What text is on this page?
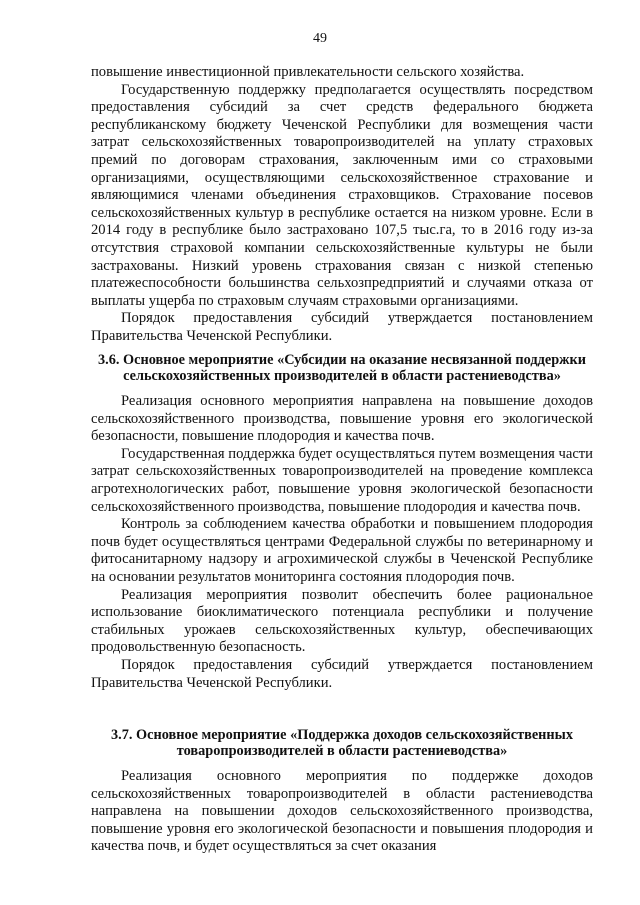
49

повышение инвестиционной привлекательности сельского хозяйства.

Государственную поддержку предполагается осуществлять посредством предоставления субсидий за счет средств федерального бюджета республиканскому бюджету Чеченской Республики для возмещения части затрат сельскохозяйственных товаропроизводителей на уплату страховых премий по договорам страхования, заключенным ими со страховыми организациями, осуществляющими сельскохозяйственное страхование и являющимися членами объединения страховщиков. Страхование посевов сельскохозяйственных культур в республике остается на низком уровне. Если в 2014 году в республике было застраховано 107,5 тыс.га, то в 2016 году из-за отсутствия страховой компании сельскохозяйственные культуры не были застрахованы. Низкий уровень страхования связан с низкой степенью платежеспособности большинства сельхозпредприятий и случаями отказа от выплаты ущерба по страховым случаям страховыми организациями.

Порядок предоставления субсидий утверждается постановлением Правительства Чеченской Республики.

3.6. Основное мероприятие «Субсидии на оказание несвязанной поддержки сельскохозяйственных производителей в области растениеводства»

Реализация основного мероприятия направлена на повышение доходов сельскохозяйственного производства, повышение уровня его экологической безопасности, повышение плодородия и качества почв.

Государственная поддержка будет осуществляться путем возмещения части затрат сельскохозяйственных товаропроизводителей на проведение комплекса агротехнологических работ, повышение уровня экологической безопасности сельскохозяйственного производства, повышение плодородия и качества почв.

Контроль за соблюдением качества обработки и повышением плодородия почв будет осуществляться центрами Федеральной службы по ветеринарному и фитосанитарному надзору и агрохимической службы в Чеченской Республике на основании результатов мониторинга состояния плодородия почв.

Реализация мероприятия позволит обеспечить более рациональное использование биоклиматического потенциала республики и получение стабильных урожаев сельскохозяйственных культур, обеспечивающих продовольственную безопасность.

Порядок предоставления субсидий утверждается постановлением Правительства Чеченской Республики.

3.7. Основное мероприятие «Поддержка доходов сельскохозяйственных товаропроизводителей в области растениеводства»

Реализация основного мероприятия по поддержке доходов сельскохозяйственных товаропроизводителей в области растениеводства направлена на повышении доходов сельскохозяйственного производства, повышение уровня его экологической безопасности и повышения плодородия и качества почв, и будет осуществляться за счет оказания
